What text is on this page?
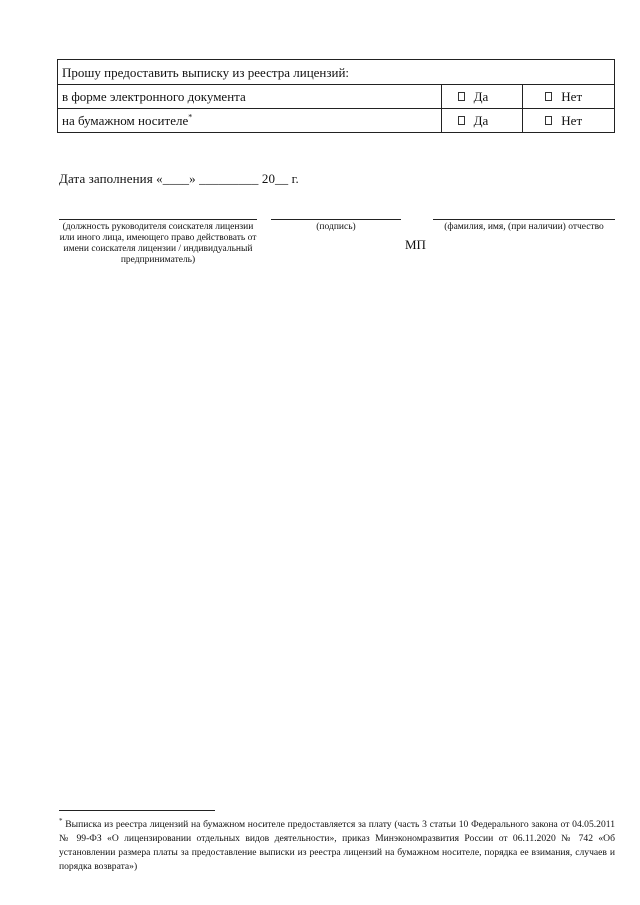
Прошу предоставить выписку из реестра лицензий:		
в форме электронного документа	Да	Нет

на бумажном носителе*	Да	Нет
Дата заполнения «____» _________ 20__ г.
(должность руководителя соискателя лицензии или иного лица, имеющего право действовать от имени соискателя лицензии / индивидуальный предприниматель)
(подпись)
МП
(фамилия, имя, (при наличии) отчество
* Выписка из реестра лицензий на бумажном носителе предоставляется за плату (часть 3 статьи 10 Федерального закона от 04.05.2011 № 99-ФЗ «О лицензировании отдельных видов деятельности», приказ Минэкономразвития России от 06.11.2020 № 742 «Об установлении размера платы за предоставление выписки из реестра лицензий на бумажном носителе, порядка ее взимания, случаев и порядка возврата»)
